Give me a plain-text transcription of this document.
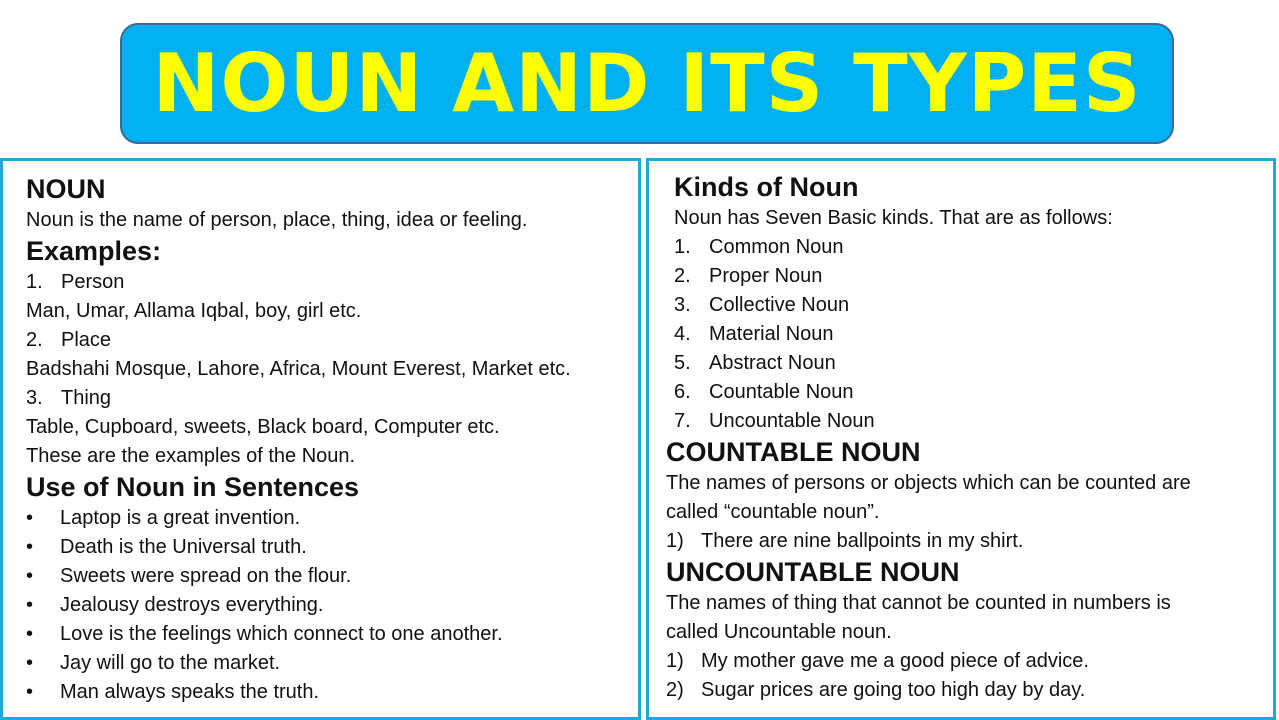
NOUN AND ITS TYPES
NOUN
Noun is the name of person, place, thing, idea or feeling.
Examples:
1. Person
Man, Umar, Allama Iqbal, boy, girl etc.
2. Place
Badshahi Mosque, Lahore, Africa, Mount Everest, Market etc.
3. Thing
Table, Cupboard, sweets, Black board, Computer etc.
These are the examples of the Noun.
Use of Noun in Sentences
• Laptop is a great invention.
• Death is the Universal truth.
• Sweets were spread on the flour.
• Jealousy destroys everything.
• Love is the feelings which connect to one another.
• Jay will go to the market.
• Man always speaks the truth.
Kinds of Noun
Noun has Seven Basic kinds. That are as follows:
1. Common Noun
2. Proper Noun
3. Collective Noun
4. Material Noun
5. Abstract Noun
6. Countable Noun
7. Uncountable Noun
COUNTABLE NOUN
The names of persons or objects which can be counted are
called “countable noun”.
1) There are nine ballpoints in my shirt.
UNCOUNTABLE NOUN
The names of thing that cannot be counted in numbers is
called Uncountable noun.
1) My mother gave me a good piece of advice.
2) Sugar prices are going too high day by day.
